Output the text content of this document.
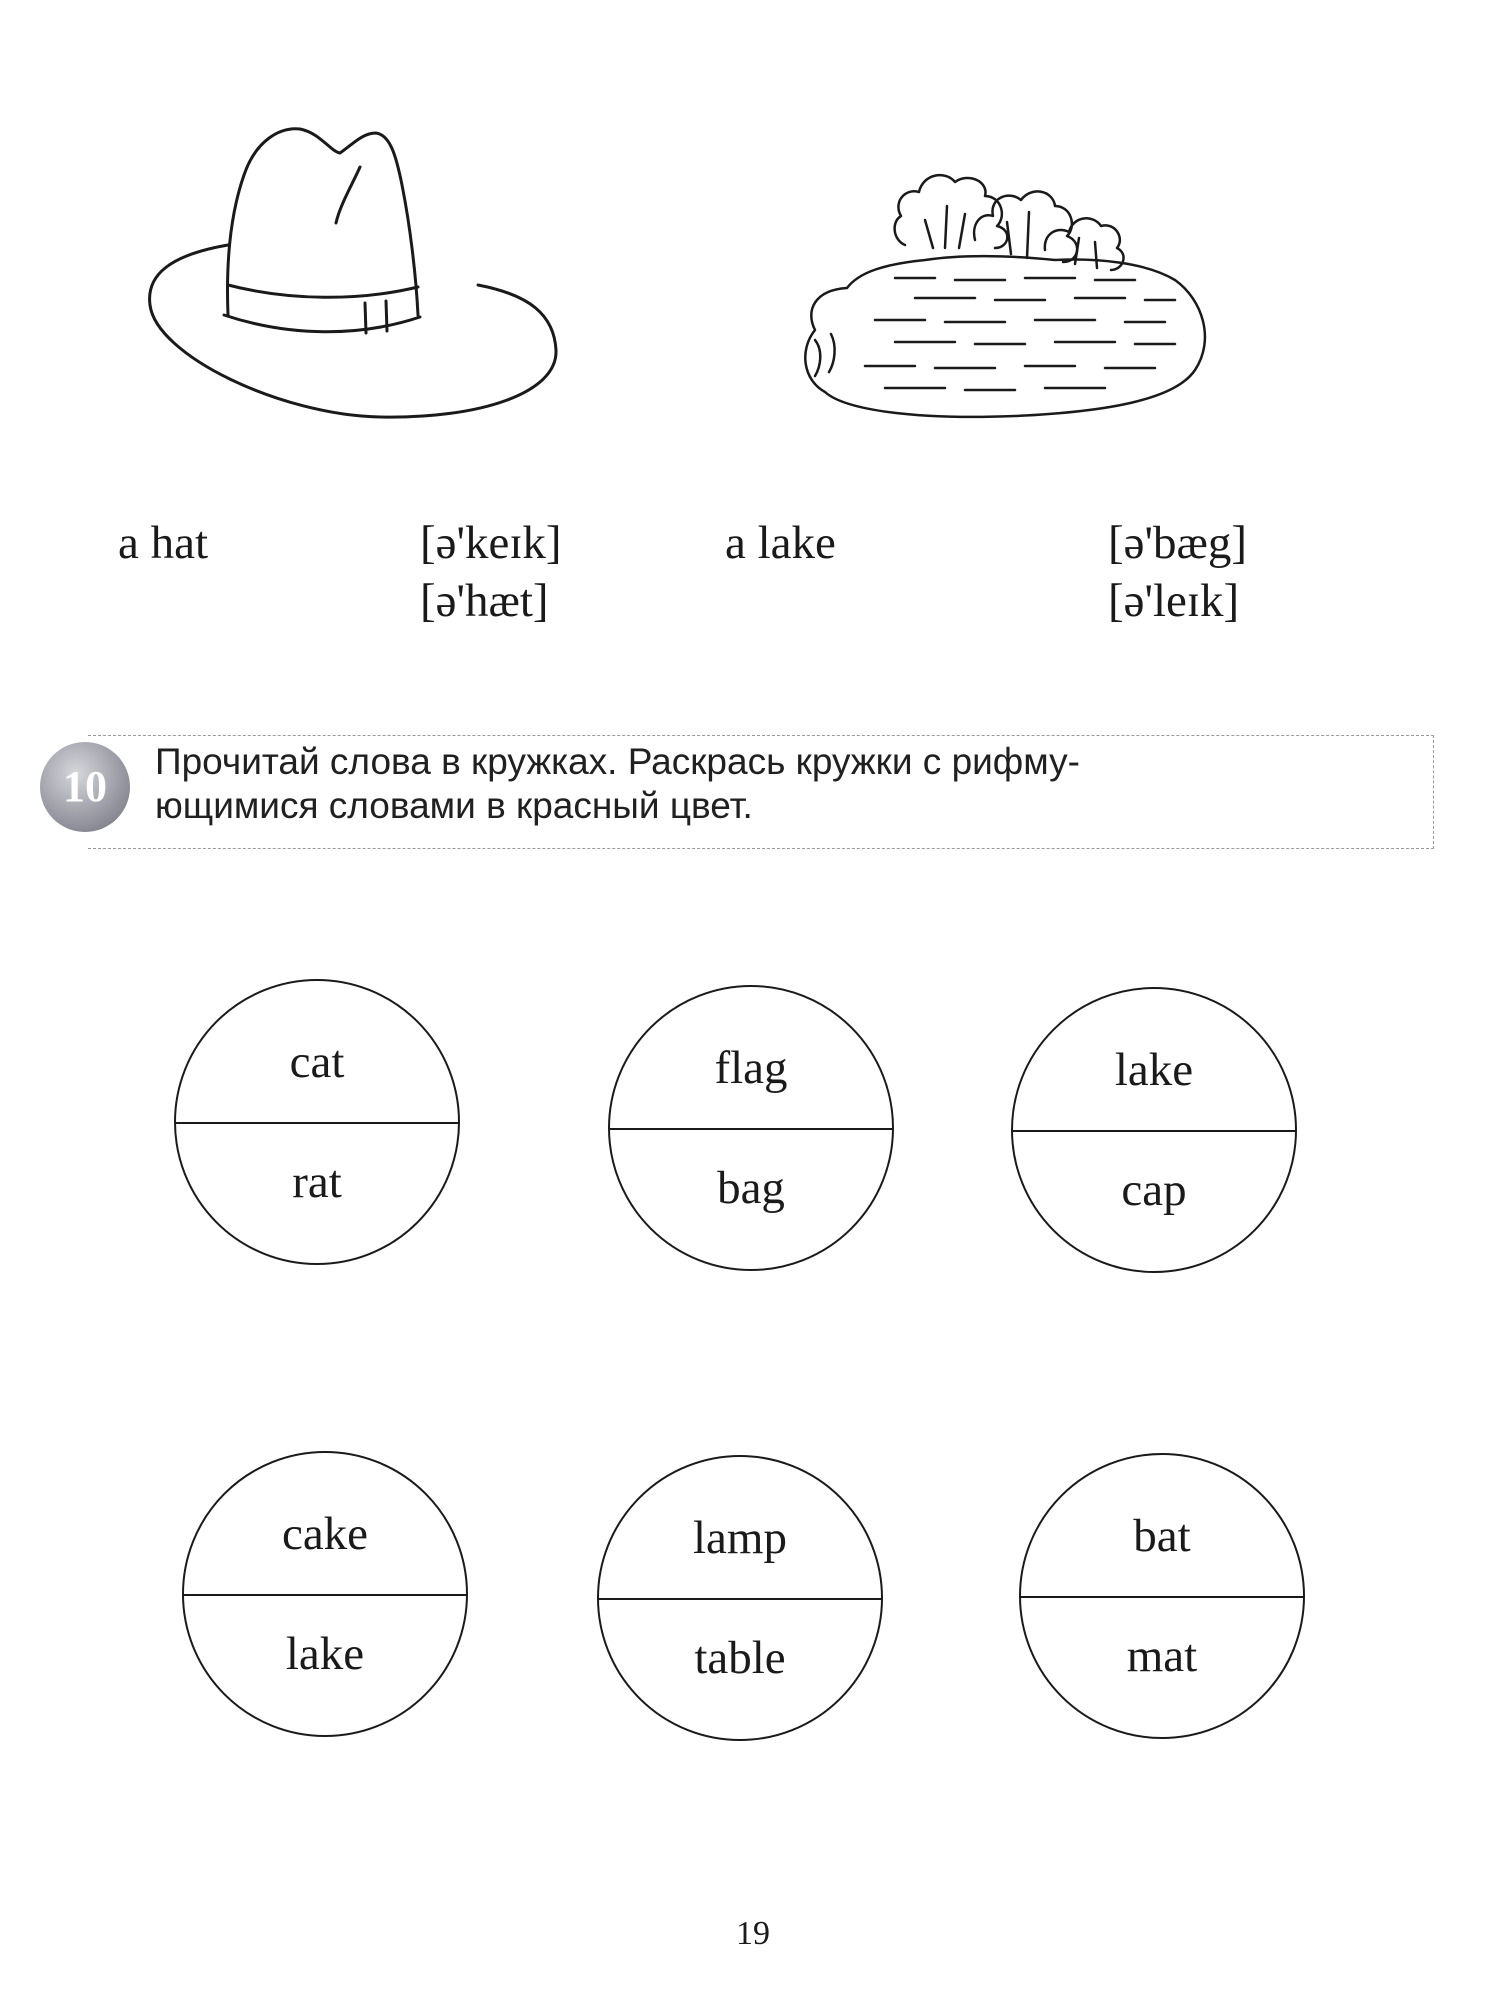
a hat	[ə'keɪk]
[ə'hæt]
a lake	[ə'bæg]
[ə'leɪk]
10
Прочитай слова в кружках. Раскрась кружки с рифму-
ющимися словами в красный цвет.
cat
rat
flag
bag
lake
cap
cake
lake
lamp
table
bat
mat
19
